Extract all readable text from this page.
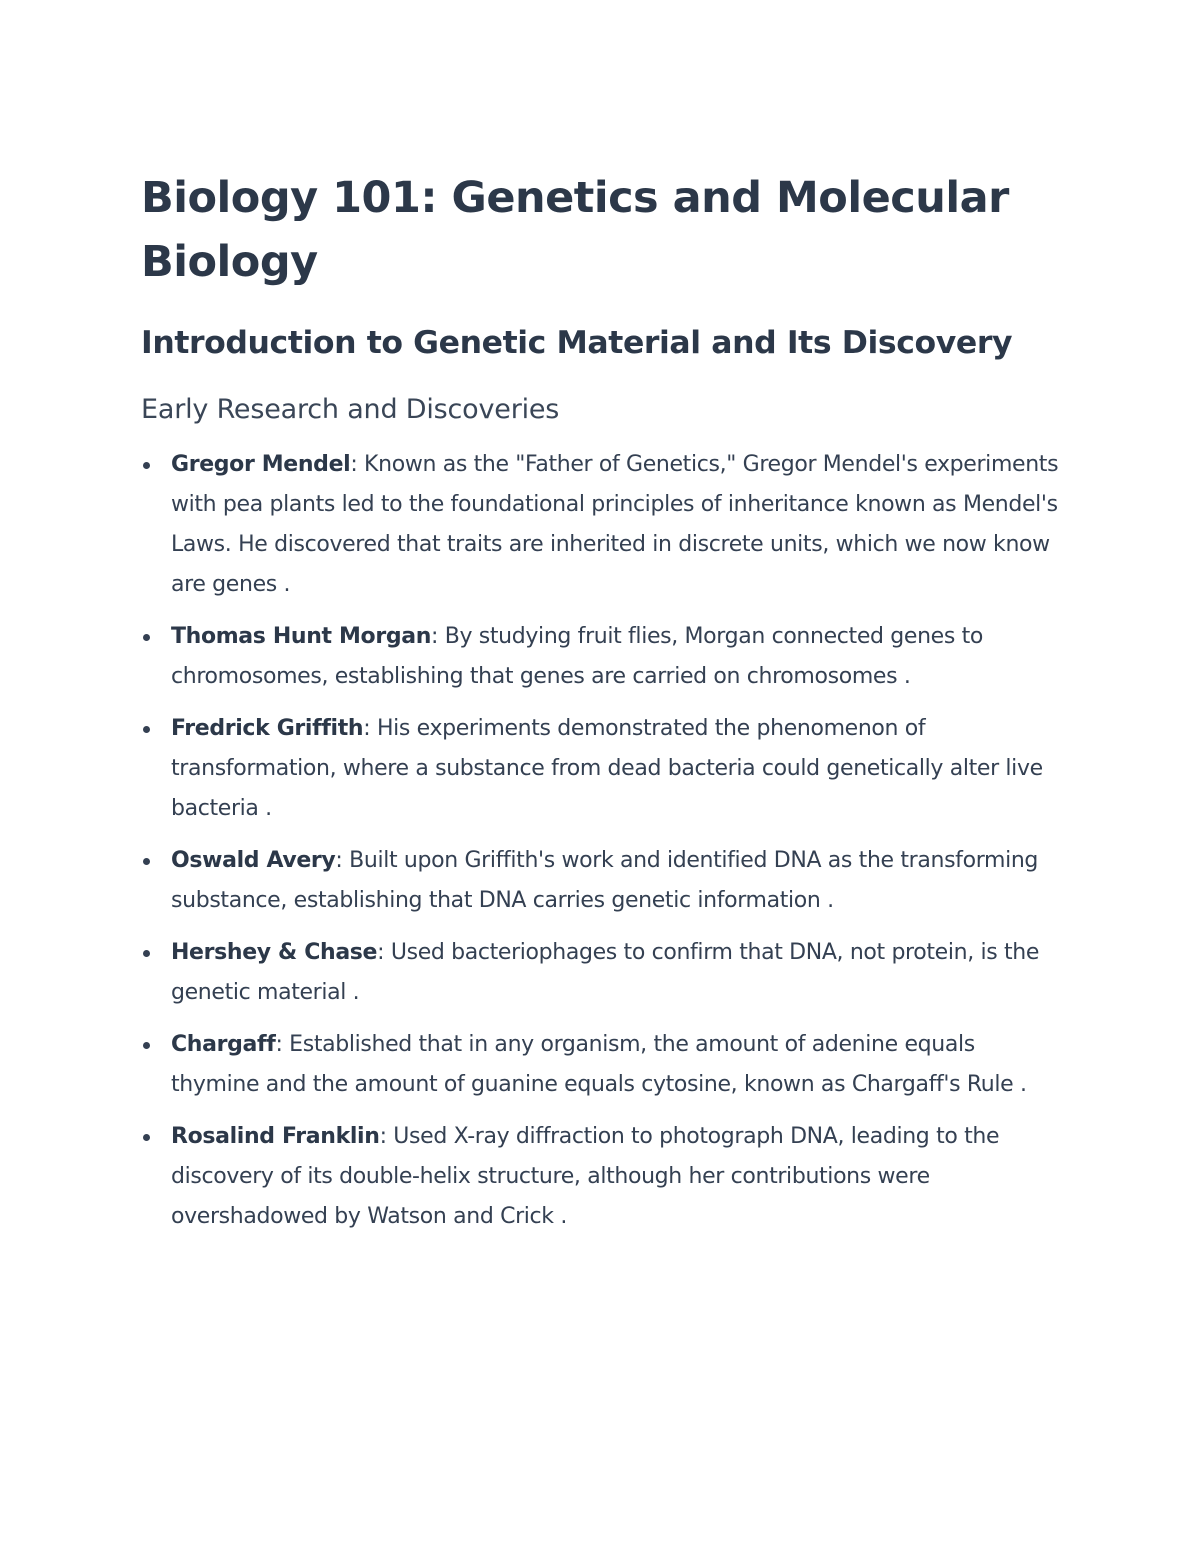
Biology 101: Genetics and Molecular Biology
Introduction to Genetic Material and Its Discovery
Early Research and Discoveries
Gregor Mendel: Known as the "Father of Genetics," Gregor Mendel's experiments with pea plants led to the foundational principles of inheritance known as Mendel's Laws. He discovered that traits are inherited in discrete units, which we now know are genes .
Thomas Hunt Morgan: By studying fruit flies, Morgan connected genes to chromosomes, establishing that genes are carried on chromosomes .
Fredrick Griffith: His experiments demonstrated the phenomenon of transformation, where a substance from dead bacteria could genetically alter live bacteria .
Oswald Avery: Built upon Griffith's work and identified DNA as the transforming substance, establishing that DNA carries genetic information .
Hershey & Chase: Used bacteriophages to confirm that DNA, not protein, is the genetic material .
Chargaff: Established that in any organism, the amount of adenine equals thymine and the amount of guanine equals cytosine, known as Chargaff's Rule .
Rosalind Franklin: Used X-ray diffraction to photograph DNA, leading to the discovery of its double-helix structure, although her contributions were overshadowed by Watson and Crick .
